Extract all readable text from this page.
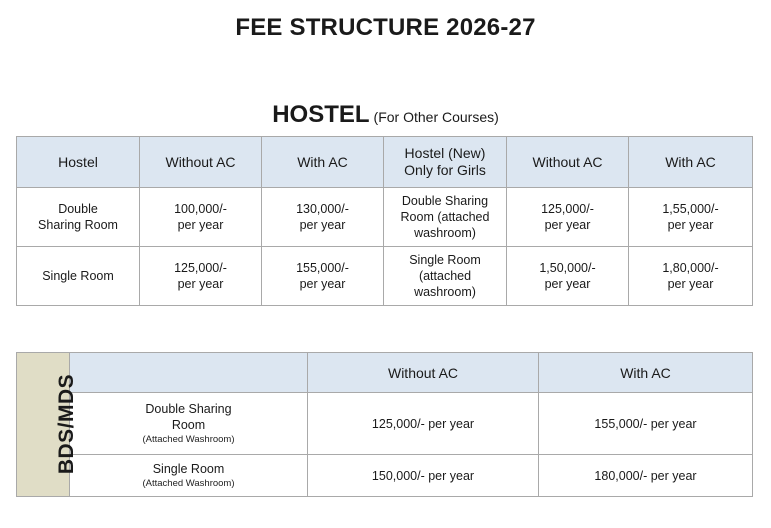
FEE STRUCTURE 2026-27
HOSTEL (For Other Courses)
Hostel	Without AC	With AC	Hostel (New)
Only for Girls	Without AC	With AC

Double
Sharing Room	100,000/-
per year	130,000/-
per year	Double Sharing
Room (attached
washroom)	125,000/-
per year	1,55,000/-
per year

Single Room	125,000/-
per year	155,000/-
per year	Single Room
(attached
washroom)	1,50,000/-
per year	1,80,000/-
per year
BDS/MDS		Without AC	With AC

	Double Sharing
Room
(Attached Washroom)	125,000/- per year	155,000/- per year

	Single Room
(Attached Washroom)	150,000/- per year	180,000/- per year
